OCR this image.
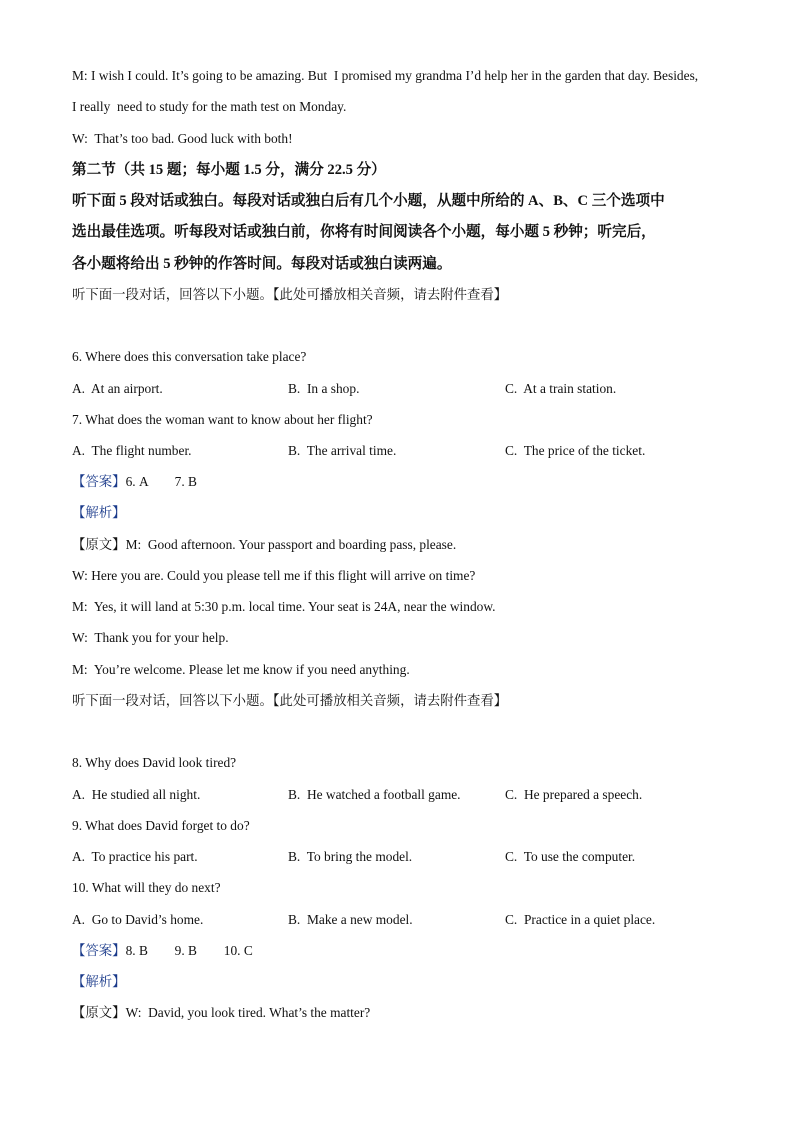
M: I wish I could. It’s going to be amazing. But  I promised my grandma I’d help her in the garden that day. Besides,
I really  need to study for the math test on Monday.
W:  That’s too bad. Good luck with both!
第二节（共 15 题；每小题 1.5 分，满分 22.5 分）
听下面 5 段对话或独白。每段对话或独白后有几个小题，从题中所给的 A、B、C 三个选项中
选出最佳选项。听每段对话或独白前，你将有时间阅读各个小题，每小题 5 秒钟；听完后，
各小题将给出 5 秒钟的作答时间。每段对话或独白读两遍。
听下面一段对话，回答以下小题。【此处可播放相关音频，请去附件查看】
6. Where does this conversation take place?
A.  At an airport.	B.  In a shop.	C.  At a train station.
7. What does the woman want to know about her flight?
A.  The flight number.	B.  The arrival time.	C.  The price of the ticket.
【答案】6. A        7. B
【解析】
【原文】M:  Good afternoon. Your passport and boarding pass, please.
W: Here you are. Could you please tell me if this flight will arrive on time?
M:  Yes, it will land at 5:30 p.m. local time. Your seat is 24A, near the window.
W:  Thank you for your help.
M:  You’re welcome. Please let me know if you need anything.
听下面一段对话，回答以下小题。【此处可播放相关音频，请去附件查看】
8. Why does David look tired?
A.  He studied all night.	B.  He watched a football game.	C.  He prepared a speech.
9. What does David forget to do?
A.  To practice his part.	B.  To bring the model.	C.  To use the computer.
10. What will they do next?
A.  Go to David’s home.	B.  Make a new model.	C.  Practice in a quiet place.
【答案】8. B        9. B        10. C
【解析】
【原文】W:  David, you look tired. What’s the matter?
